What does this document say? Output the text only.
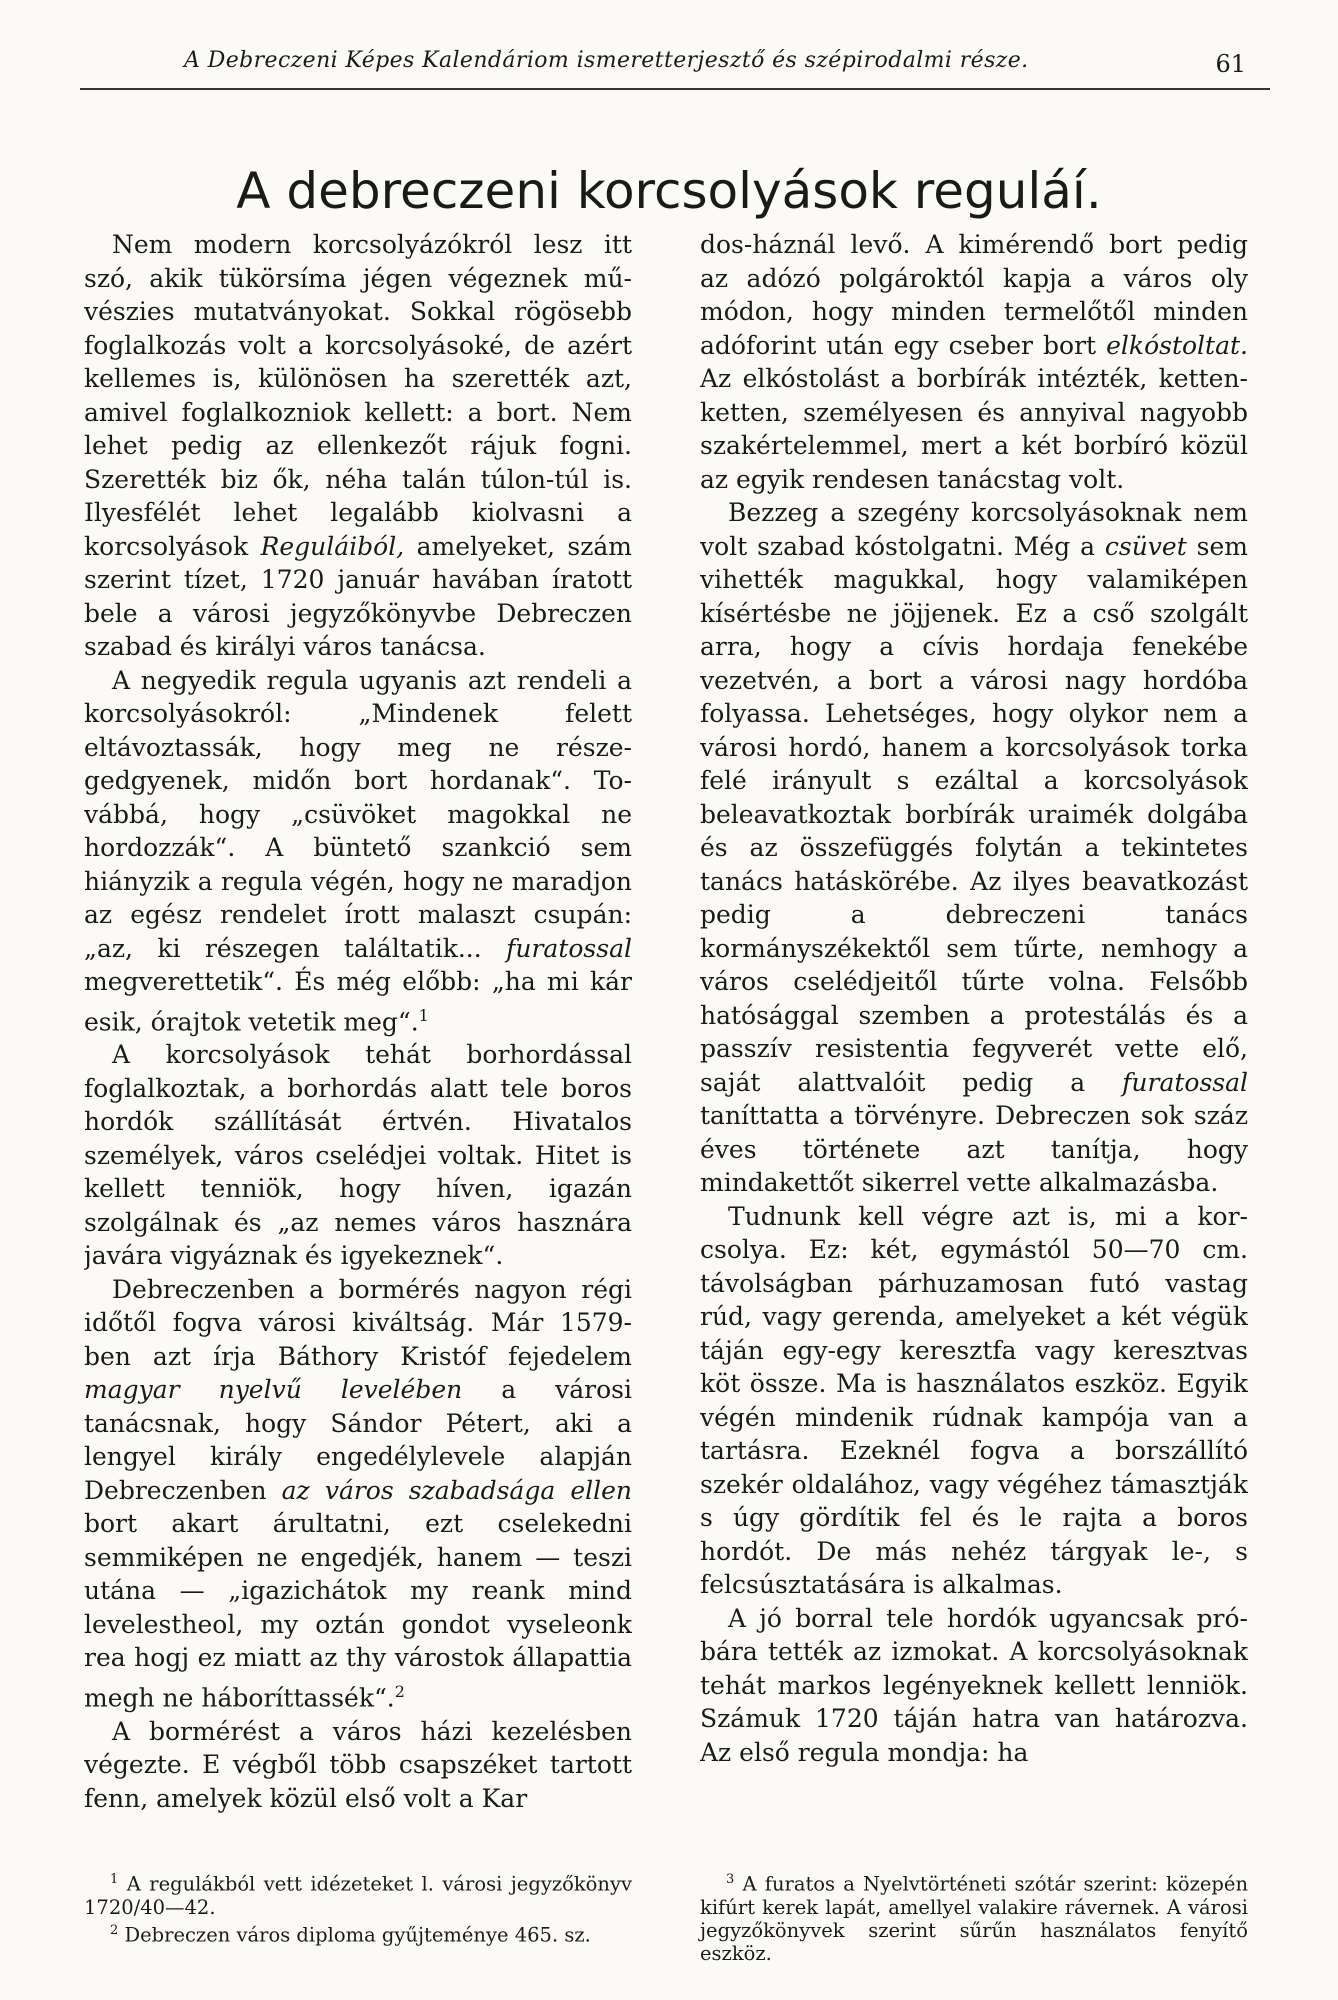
A Debreczeni Képes Kalendáriom ismeretterjesztő és szépirodalmi része.	61
A debreczeni korcsolyások reguláí.

Nem modern korcsolyázókról lesz itt szó, akik tükörsíma jégen végeznek művészies mutatványokat. Sokkal rögösebb foglalkozás volt a korcsolyásoké, de azért kellemes is, különösen ha szerették azt, amivel foglalkozniok kellett: a bort. Nem lehet pedig az ellenkezőt rájuk fogni. Szerették biz ők, néha talán túlon-túl is. Ilyesfélét lehet legalább kiolvasni a korcsolyások Reguláiból, amelyeket, szám szerint tízet, 1720 január havában íratott bele a városi jegyzőkönyvbe Debreczen szabad és királyi város tanácsa.

A negyedik regula ugyanis azt rendeli a korcsolyásokról: „Mindenek felett eltávoztassák, hogy meg ne részegedgyenek, midőn bort hordanak“. Továbbá, hogy „csüvöket magokkal ne hordozzák“. A büntető szankció sem hiányzik a regula végén, hogy ne maradjon az egész rendelet írott malaszt csupán: „az, ki részegen találtatik... furatossal megverettetik“. És még előbb: „ha mi kár esik, órajtok vetetik meg“.$^1$

A korcsolyások tehát borhordással foglalkoztak, a borhordás alatt tele boros hordók szállítását értvén. Hivatalos személyek, város cselédjei voltak. Hitet is kellett tenniök, hogy híven, igazán szolgálnak és „az nemes város hasznára javára vigyáznak és igyekeznek“.

Debreczenben a bormérés nagyon régi időtől fogva városi kiváltság. Már 1579-ben azt írja Báthory Kristóf fejedelem magyar nyelvű levelében a városi tanácsnak, hogy Sándor Pétert, aki a lengyel király engedélylevele alapján Debreczenben az város szabadsága ellen bort akart árultatni, ezt cselekedni semmiképen ne engedjék, hanem — teszi utána — „igazichátok my reank mind levelestheol, my oztán gondot vyseleonk rea hogj ez miatt az thy várostok állapattia megh ne háboríttassék“.$^2$

A bormérést a város házi kezelésben végezte. E végből több csapszéket tartott fenn, amelyek közül első volt a Kar

dos-háznál levő. A kimérendő bort pedig az adózó polgároktól kapja a város oly módon, hogy minden termelőtől minden adóforint után egy cseber bort elkóstoltat. Az elkóstolást a borbírák intézték, ketten-ketten, személyesen és annyival nagyobb szakértelemmel, mert a két borbíró közül az egyik rendesen tanácstag volt.

Bezzeg a szegény korcsolyásoknak nem volt szabad kóstolgatni. Még a csüvet sem vihették magukkal, hogy valamiképen kísértésbe ne jöjjenek. Ez a cső szolgált arra, hogy a cívis hordaja fenekébe vezetvén, a bort a városi nagy hordóba folyassa. Lehetséges, hogy olykor nem a városi hordó, hanem a korcsolyások torka felé irányult s ezáltal a korcsolyások beleavatkoztak borbírák uraimék dolgába és az összefüggés folytán a tekintetes tanács hatáskörébe. Az ilyes beavatkozást pedig a debreczeni tanács kormányszékektől sem tűrte, nemhogy a város cselédjeitől tűrte volna. Felsőbb hatósággal szemben a protestálás és a passzív resistentia fegyverét vette elő, saját alattvalóit pedig a furatossal taníttatta a törvényre. Debreczen sok száz éves története azt tanítja, hogy mindakettőt sikerrel vette alkalmazásba.

Tudnunk kell végre azt is, mi a korcsolya. Ez: két, egymástól 50—70 cm. távolságban párhuzamosan futó vastag rúd, vagy gerenda, amelyeket a két végük táján egy-egy keresztfa vagy keresztvas köt össze. Ma is használatos eszköz. Egyik végén mindenik rúdnak kampója van a tartásra. Ezeknél fogva a borszállító szekér oldalához, vagy végéhez támasztják s úgy gördítik fel és le rajta a boros hordót. De más nehéz tárgyak le-, s felcsúsztatására is alkalmas.

A jó borral tele hordók ugyancsak próbára tették az izmokat. A korcsolyásoknak tehát markos legényeknek kellett lenniök. Számuk 1720 táján hatra van határozva. Az első regula mondja: ha

$^1$ A regulákból vett idézeteket l. városi jegyzőkönyv 1720/40—42.

$^2$ Debreczen város diploma gyűjteménye 465. sz.

$^3$ A furatos a Nyelvtörténeti szótár szerint: közepén kifúrt kerek lapát, amellyel valakire rávernek. A városi jegyzőkönyvek szerint sűrűn használatos fenyítő eszköz.
